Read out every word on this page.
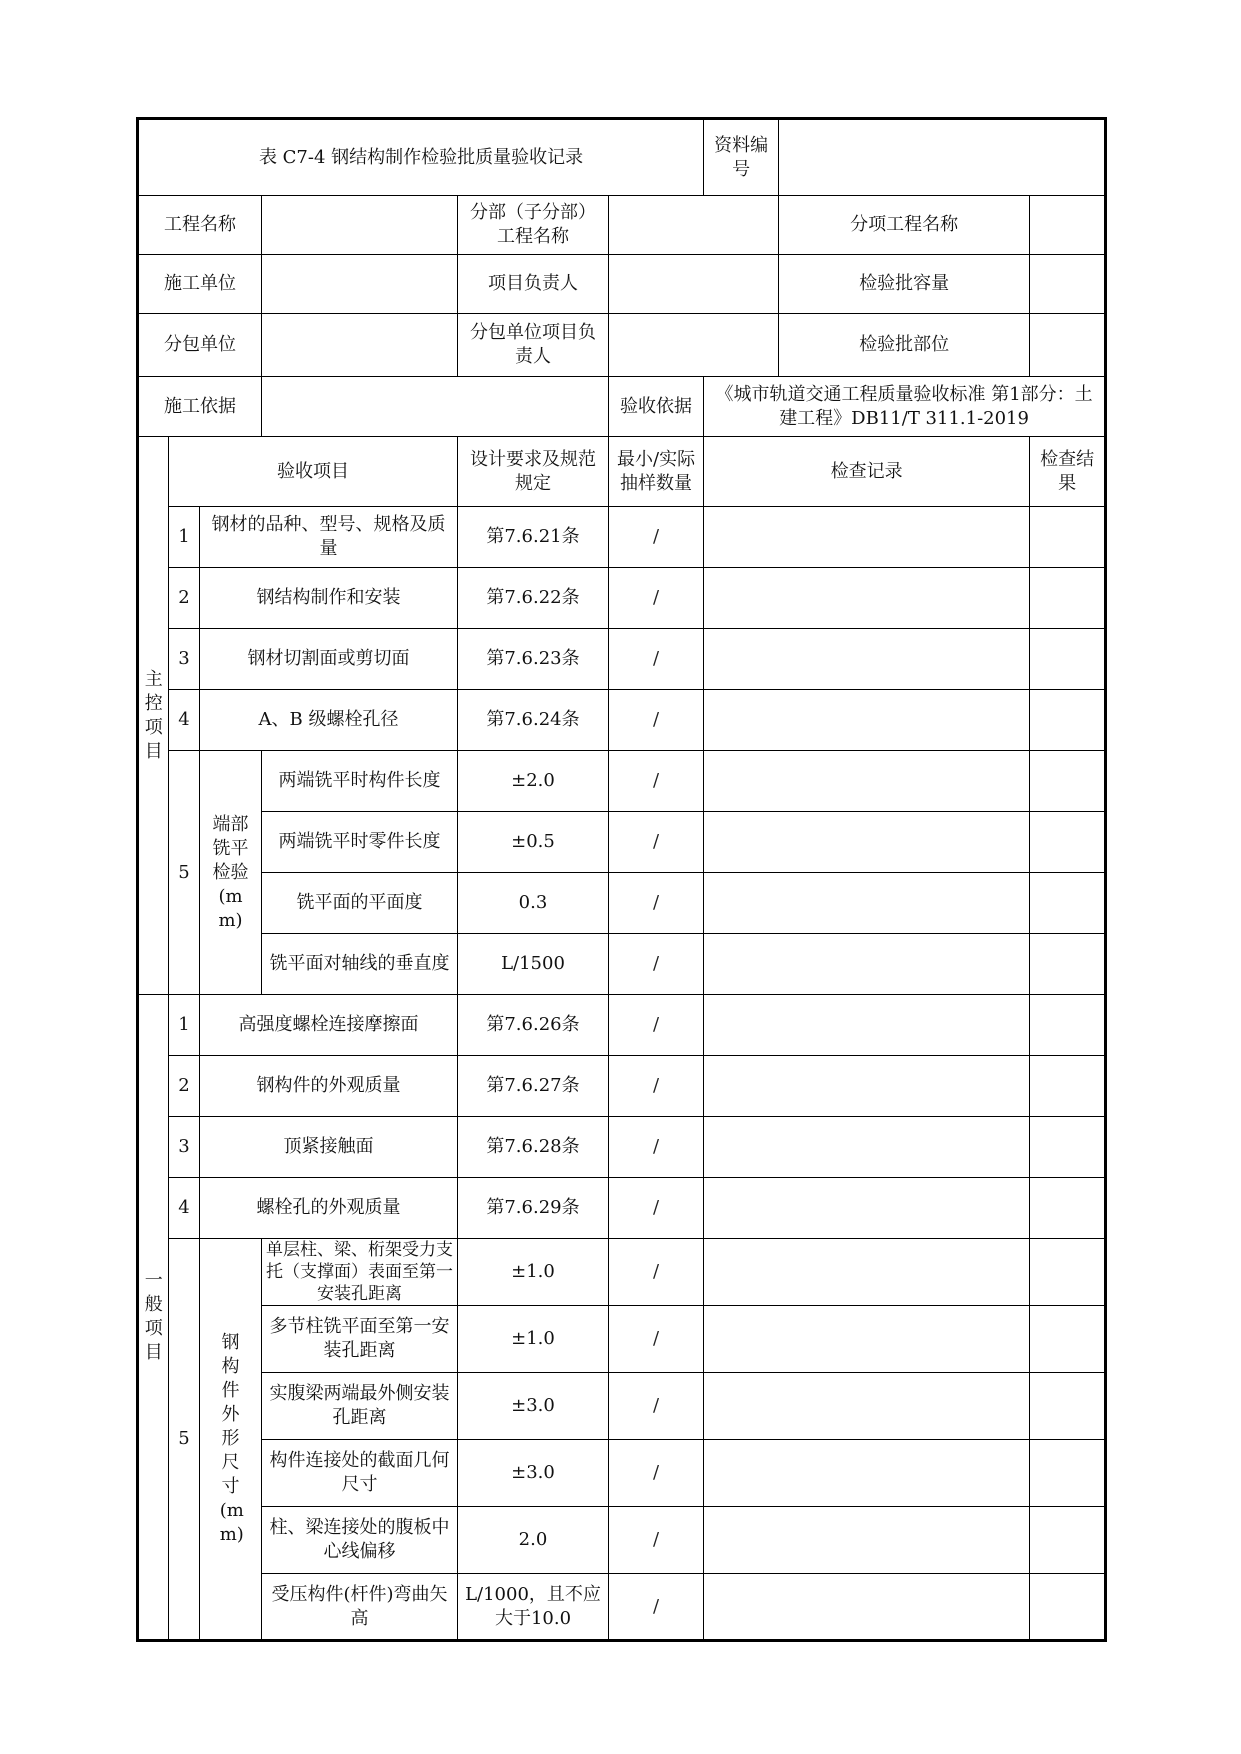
表 C7-4 钢结构制作检验批质量验收记录						资料编号		
工程名称				分部（子分部）工程名称			分项工程名称	
施工单位				项目负责人			检验批容量	
分包单位				分包单位项目负责人			检验批部位	
施工依据					验收依据	《城市轨道交通工程质量验收标准 第1部分：土建工程》DB11/T 311.1-2019		
主控项目	验收项目			设计要求及规范规定	最小/实际抽样数量	检查记录		检查结果
	1	钢材的品种、型号、规格及质量		第7.6.21条	/			
	2	钢结构制作和安装		第7.6.22条	/			
	3	钢材切割面或剪切面		第7.6.23条	/			
	4	A、B 级螺栓孔径		第7.6.24条	/			
	5	端部铣平检验(mm)	两端铣平时构件长度	±2.0	/			
			两端铣平时零件长度	±0.5	/			
			铣平面的平面度	0.3	/			
			铣平面对轴线的垂直度	L/1500	/			
一般项目	1	高强度螺栓连接摩擦面		第7.6.26条	/			
	2	钢构件的外观质量		第7.6.27条	/			
	3	顶紧接触面		第7.6.28条	/			
	4	螺栓孔的外观质量		第7.6.29条	/			
	5	钢构件外形尺寸(mm)	单层柱、梁、桁架受力支托（支撑面）表面至第一安装孔距离	±1.0	/			
			多节柱铣平面至第一安装孔距离	±1.0	/			
			实腹梁两端最外侧安装孔距离	±3.0	/			
			构件连接处的截面几何尺寸	±3.0	/			
			柱、梁连接处的腹板中心线偏移	2.0	/			
			受压构件(杆件)弯曲矢高	L/1000，且不应大于10.0	/			
